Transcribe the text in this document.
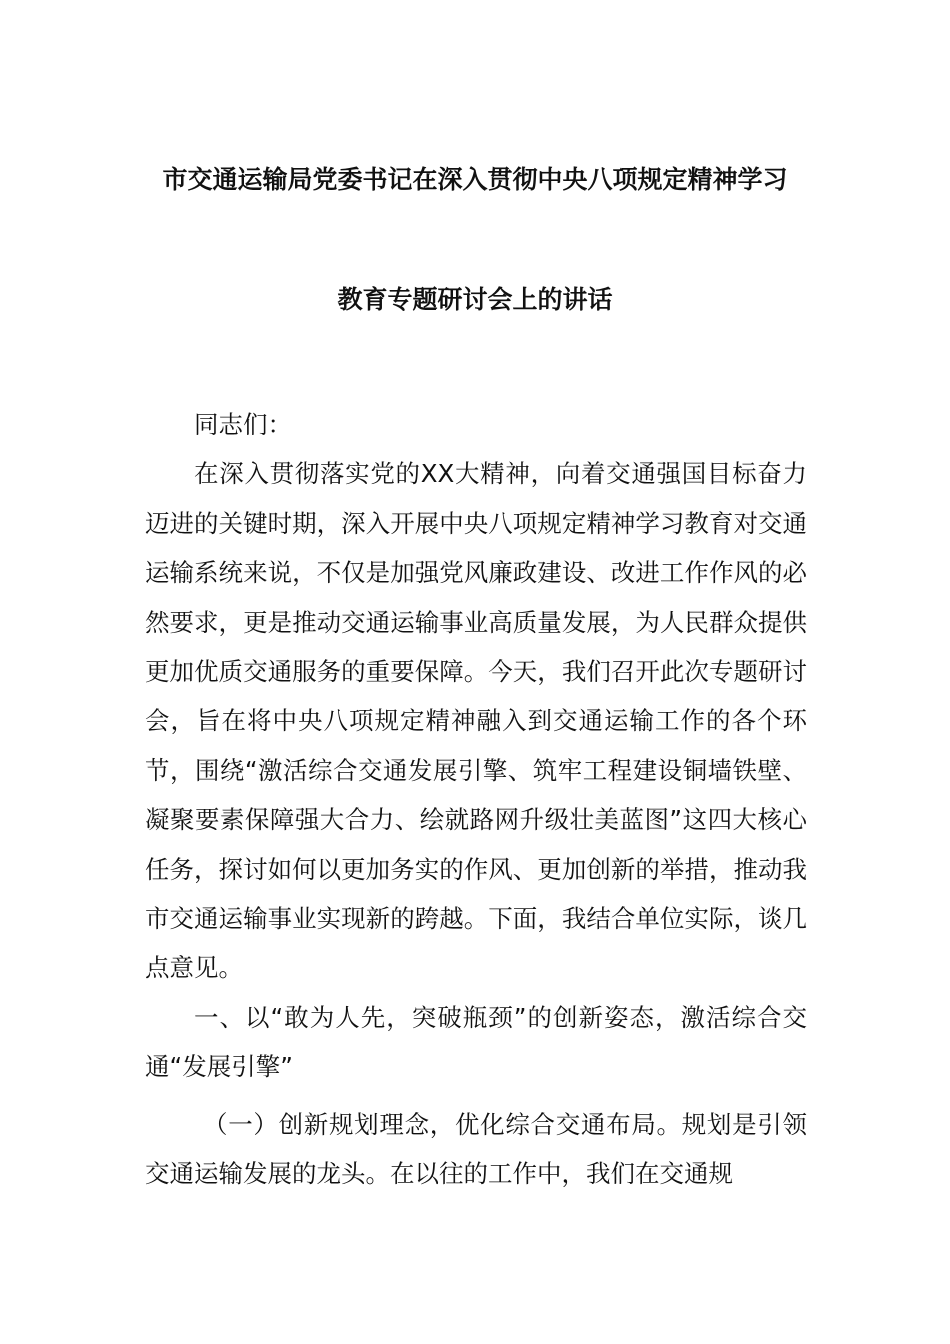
市交通运输局党委书记在深入贯彻中央八项规定精神学习
教育专题研讨会上的讲话

同志们：

在深入贯彻落实党的XX大精神，向着交通强国目标奋力迈进的关键时期，深入开展中央八项规定精神学习教育对交通运输系统来说，不仅是加强党风廉政建设、改进工作作风的必然要求，更是推动交通运输事业高质量发展，为人民群众提供更加优质交通服务的重要保障。今天，我们召开此次专题研讨会，旨在将中央八项规定精神融入到交通运输工作的各个环节，围绕“激活综合交通发展引擎、筑牢工程建设铜墙铁壁、凝聚要素保障强大合力、绘就路网升级壮美蓝图”这四大核心任务，探讨如何以更加务实的作风、更加创新的举措，推动我市交通运输事业实现新的跨越。下面，我结合单位实际，谈几点意见。

一、以“敢为人先，突破瓶颈”的创新姿态，激活综合交通“发展引擎”

（一）创新规划理念，优化综合交通布局。规划是引领交通运输发展的龙头。在以往的工作中，我们在交通规
